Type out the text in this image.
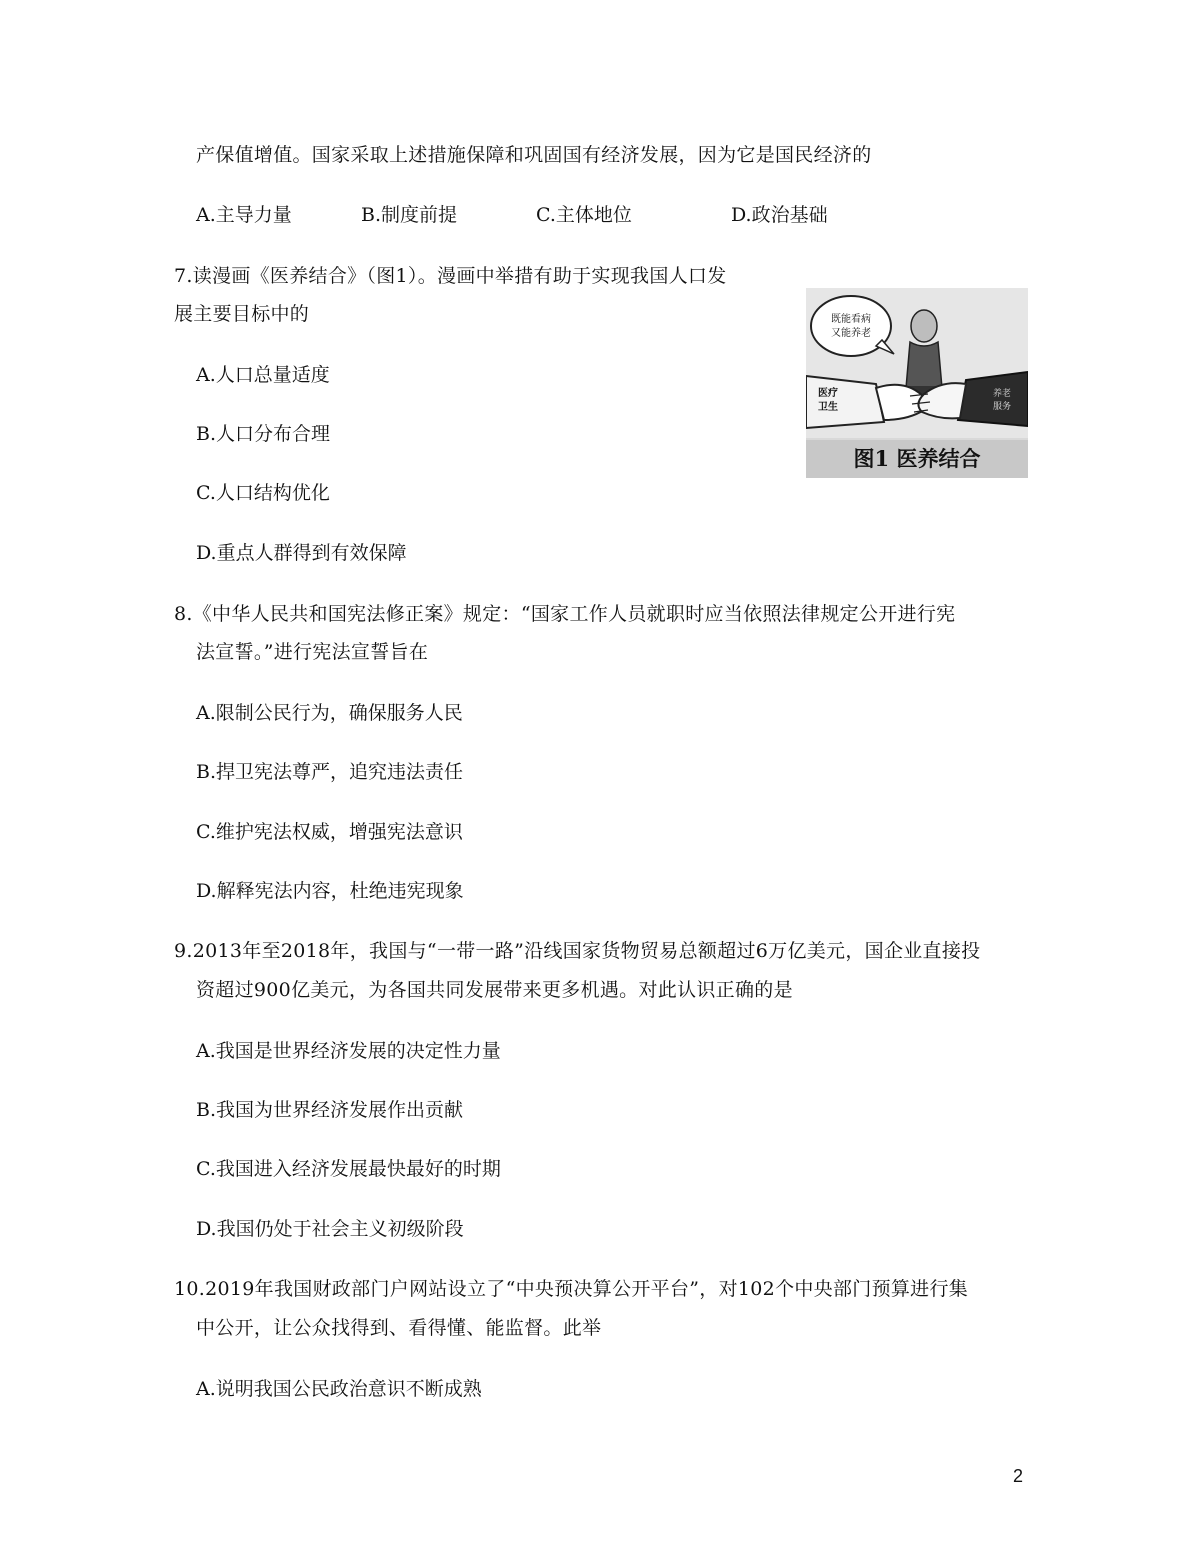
产保值增值。国家采取上述措施保障和巩固国有经济发展，因为它是国民经济的
A.主导力量	B.制度前提	C.主体地位	D.政治基础
7.读漫画《医养结合》（图1）。漫画中举措有助于实现我国人口发
展主要目标中的
A.人口总量适度
B.人口分布合理
C.人口结构优化
D.重点人群得到有效保障
既能看病
又能养老
医疗
卫生
养老
服务
图1 医养结合
8.《中华人民共和国宪法修正案》规定：“国家工作人员就职时应当依照法律规定公开进行宪
法宣誓。”进行宪法宣誓旨在
A.限制公民行为，确保服务人民
B.捍卫宪法尊严，追究违法责任
C.维护宪法权威，增强宪法意识
D.解释宪法内容，杜绝违宪现象
9.2013年至2018年，我国与“一带一路”沿线国家货物贸易总额超过6万亿美元，国企业直接投
资超过900亿美元，为各国共同发展带来更多机遇。对此认识正确的是
A.我国是世界经济发展的决定性力量
B.我国为世界经济发展作出贡献
C.我国进入经济发展最快最好的时期
D.我国仍处于社会主义初级阶段
10.2019年我国财政部门户网站设立了“中央预决算公开平台”，对102个中央部门预算进行集
中公开，让公众找得到、看得懂、能监督。此举
A.说明我国公民政治意识不断成熟
2
